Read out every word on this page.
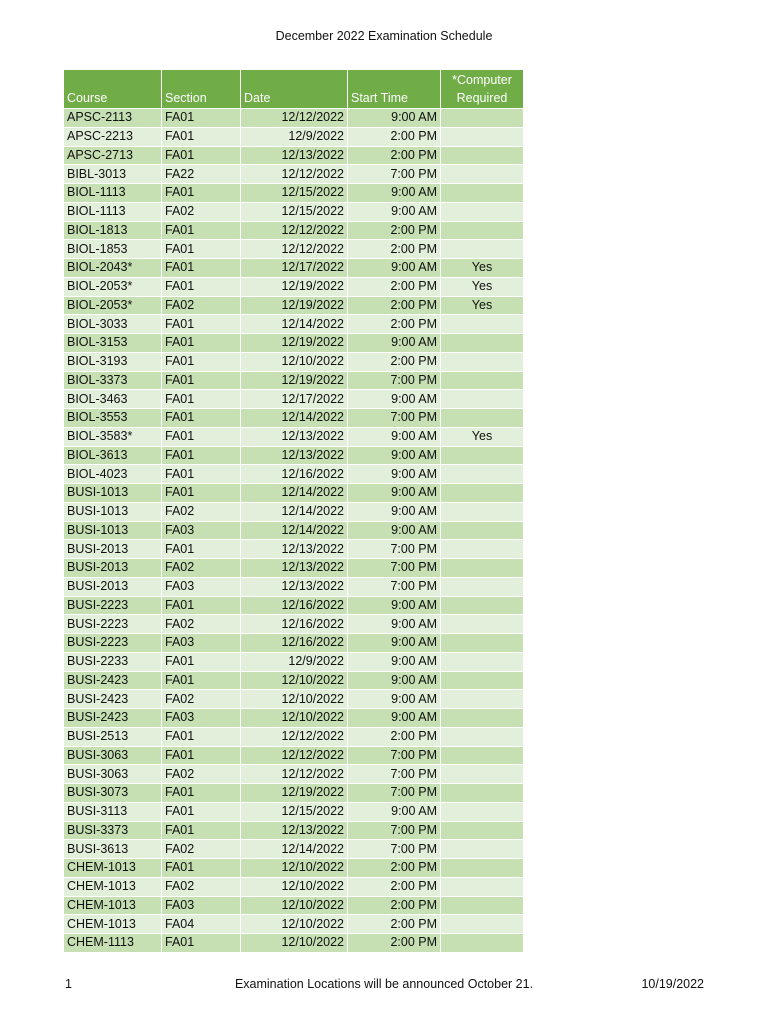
December 2022 Examination Schedule
Course	Section	Date	Start Time	*Computer
Required
APSC-2113	FA01	12/12/2022	9:00 AM	
APSC-2213	FA01	12/9/2022	2:00 PM	
APSC-2713	FA01	12/13/2022	2:00 PM	
BIBL-3013	FA22	12/12/2022	7:00 PM	
BIOL-1113	FA01	12/15/2022	9:00 AM	
BIOL-1113	FA02	12/15/2022	9:00 AM	
BIOL-1813	FA01	12/12/2022	2:00 PM	
BIOL-1853	FA01	12/12/2022	2:00 PM	
BIOL-2043*	FA01	12/17/2022	9:00 AM	Yes
BIOL-2053*	FA01	12/19/2022	2:00 PM	Yes
BIOL-2053*	FA02	12/19/2022	2:00 PM	Yes
BIOL-3033	FA01	12/14/2022	2:00 PM	
BIOL-3153	FA01	12/19/2022	9:00 AM	
BIOL-3193	FA01	12/10/2022	2:00 PM	
BIOL-3373	FA01	12/19/2022	7:00 PM	
BIOL-3463	FA01	12/17/2022	9:00 AM	
BIOL-3553	FA01	12/14/2022	7:00 PM	
BIOL-3583*	FA01	12/13/2022	9:00 AM	Yes
BIOL-3613	FA01	12/13/2022	9:00 AM	
BIOL-4023	FA01	12/16/2022	9:00 AM	
BUSI-1013	FA01	12/14/2022	9:00 AM	
BUSI-1013	FA02	12/14/2022	9:00 AM	
BUSI-1013	FA03	12/14/2022	9:00 AM	
BUSI-2013	FA01	12/13/2022	7:00 PM	
BUSI-2013	FA02	12/13/2022	7:00 PM	
BUSI-2013	FA03	12/13/2022	7:00 PM	
BUSI-2223	FA01	12/16/2022	9:00 AM	
BUSI-2223	FA02	12/16/2022	9:00 AM	
BUSI-2223	FA03	12/16/2022	9:00 AM	
BUSI-2233	FA01	12/9/2022	9:00 AM	
BUSI-2423	FA01	12/10/2022	9:00 AM	
BUSI-2423	FA02	12/10/2022	9:00 AM	
BUSI-2423	FA03	12/10/2022	9:00 AM	
BUSI-2513	FA01	12/12/2022	2:00 PM	
BUSI-3063	FA01	12/12/2022	7:00 PM	
BUSI-3063	FA02	12/12/2022	7:00 PM	
BUSI-3073	FA01	12/19/2022	7:00 PM	
BUSI-3113	FA01	12/15/2022	9:00 AM	
BUSI-3373	FA01	12/13/2022	7:00 PM	
BUSI-3613	FA02	12/14/2022	7:00 PM	
CHEM-1013	FA01	12/10/2022	2:00 PM	
CHEM-1013	FA02	12/10/2022	2:00 PM	
CHEM-1013	FA03	12/10/2022	2:00 PM	
CHEM-1013	FA04	12/10/2022	2:00 PM	
CHEM-1113	FA01	12/10/2022	2:00 PM	
1	Examination Locations will be announced October 21.	10/19/2022
